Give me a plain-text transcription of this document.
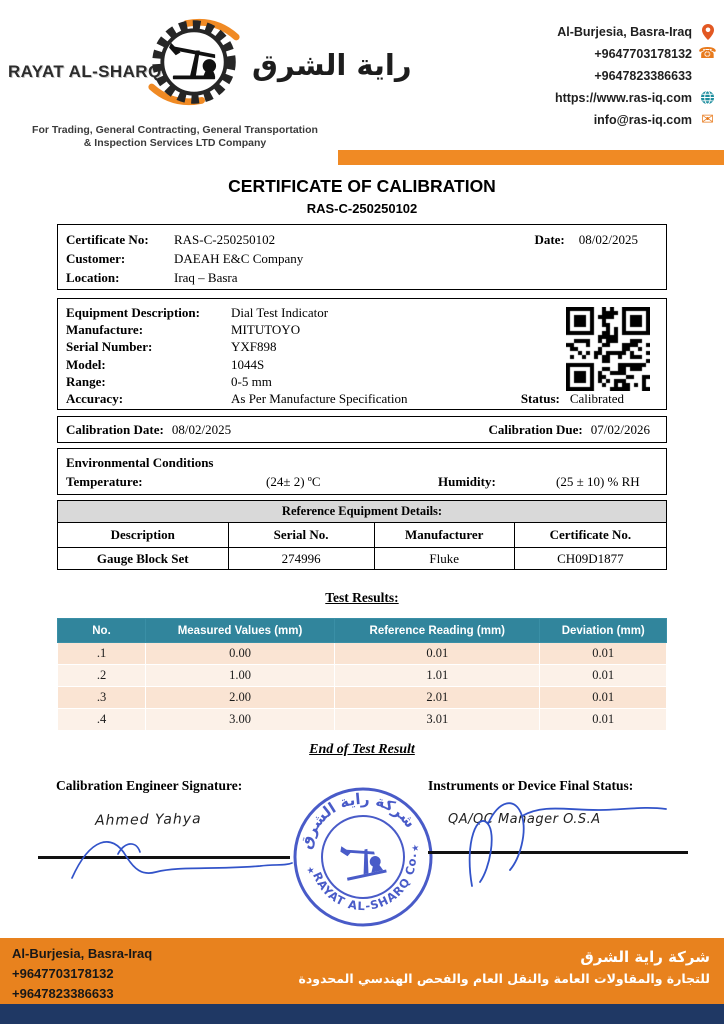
RAYAT AL-SHARQ	راية الشرق
For Trading, General Contracting, General Transportation
& Inspection Services LTD Company
Al-Burjesia, Basra-Iraq
+9647703178132 ☎
+9647823386633
https://www.ras-iq.com
info@ras-iq.com ✉
CERTIFICATE OF CALIBRATION
RAS-C-250250102
Certificate No:	RAS-C-250250102	Date: 08/02/2025
Customer:	DAEAH E&C Company
Location:	Iraq – Basra
Equipment Description:	Dial Test Indicator
Manufacture:	MITUTOYO
Serial Number:	YXF898
Model:	1044S
Range:	0-5 mm
Accuracy:	As Per Manufacture Specification	Status: Calibrated
Calibration Date: 08/02/2025	Calibration Due: 07/02/2026
Environmental Conditions
Temperature:	(24± 2) ºC	Humidity:	(25 ± 10) % RH
Reference Equipment Details:			
Description	Serial No.	Manufacturer	Certificate No.
Gauge Block Set	274996	Fluke	CH09D1877
Test Results:
No.	Measured Values (mm)	Reference Reading (mm)	Deviation (mm)
.1	0.00	0.01	0.01
.2	1.00	1.01	0.01
.3	2.00	2.01	0.01
.4	3.00	3.01	0.01
End of Test Result
Calibration Engineer Signature:	Instruments or Device Final Status:
Ahmed Yahya	QA/QC Manager O.S.A
شركة راية الشرق
RAYAT AL-SHARQ Co.
★
★
Al-Burjesia, Basra-Iraq
+9647703178132
+9647823386633
شركة راية الشرق
للتجارة والمقاولات العامة والنقل العام والفحص الهندسي المحدودة
